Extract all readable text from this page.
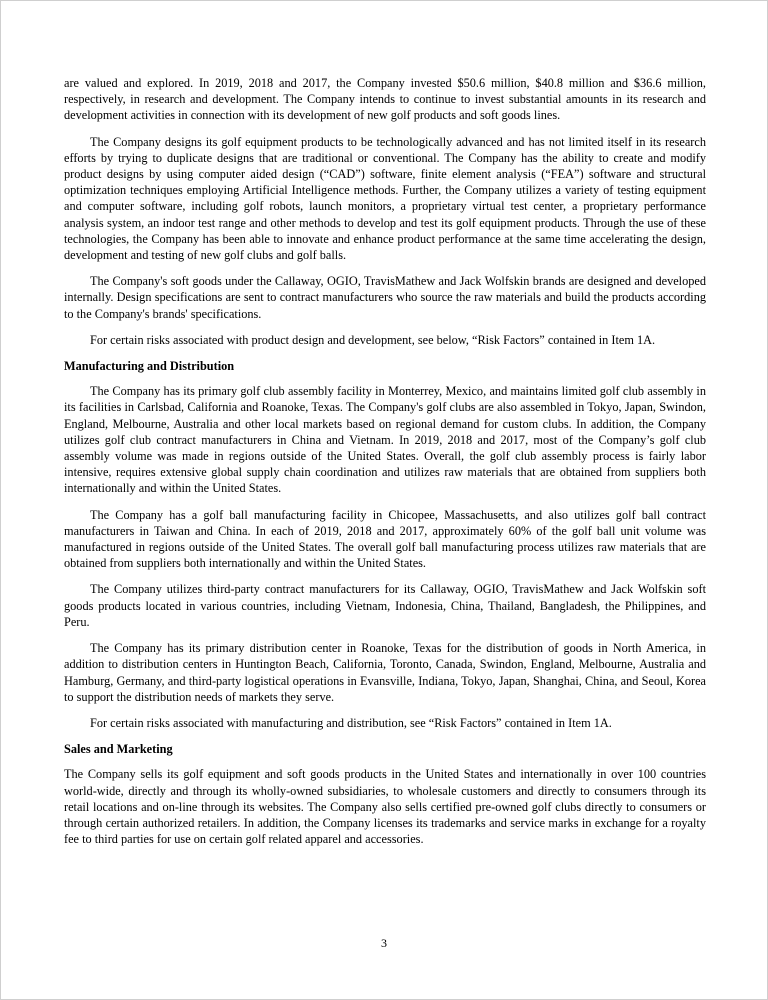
are valued and explored. In 2019, 2018 and 2017, the Company invested $50.6 million, $40.8 million and $36.6 million, respectively, in research and development. The Company intends to continue to invest substantial amounts in its research and development activities in connection with its development of new golf products and soft goods lines.

The Company designs its golf equipment products to be technologically advanced and has not limited itself in its research efforts by trying to duplicate designs that are traditional or conventional. The Company has the ability to create and modify product designs by using computer aided design (“CAD”) software, finite element analysis (“FEA”) software and structural optimization techniques employing Artificial Intelligence methods. Further, the Company utilizes a variety of testing equipment and computer software, including golf robots, launch monitors, a proprietary virtual test center, a proprietary performance analysis system, an indoor test range and other methods to develop and test its golf equipment products. Through the use of these technologies, the Company has been able to innovate and enhance product performance at the same time accelerating the design, development and testing of new golf clubs and golf balls.

The Company's soft goods under the Callaway, OGIO, TravisMathew and Jack Wolfskin brands are designed and developed internally. Design specifications are sent to contract manufacturers who source the raw materials and build the products according to the Company's brands' specifications.

For certain risks associated with product design and development, see below, “Risk Factors” contained in Item 1A.

Manufacturing and Distribution

The Company has its primary golf club assembly facility in Monterrey, Mexico, and maintains limited golf club assembly in its facilities in Carlsbad, California and Roanoke, Texas. The Company's golf clubs are also assembled in Tokyo, Japan, Swindon, England, Melbourne, Australia and other local markets based on regional demand for custom clubs. In addition, the Company utilizes golf club contract manufacturers in China and Vietnam. In 2019, 2018 and 2017, most of the Company’s golf club assembly volume was made in regions outside of the United States. Overall, the golf club assembly process is fairly labor intensive, requires extensive global supply chain coordination and utilizes raw materials that are obtained from suppliers both internationally and within the United States.

The Company has a golf ball manufacturing facility in Chicopee, Massachusetts, and also utilizes golf ball contract manufacturers in Taiwan and China. In each of 2019, 2018 and 2017, approximately 60% of the golf ball unit volume was manufactured in regions outside of the United States. The overall golf ball manufacturing process utilizes raw materials that are obtained from suppliers both internationally and within the United States.

The Company utilizes third-party contract manufacturers for its Callaway, OGIO, TravisMathew and Jack Wolfskin soft goods products located in various countries, including Vietnam, Indonesia, China, Thailand, Bangladesh, the Philippines, and Peru.

The Company has its primary distribution center in Roanoke, Texas for the distribution of goods in North America, in addition to distribution centers in Huntington Beach, California, Toronto, Canada, Swindon, England, Melbourne, Australia and Hamburg, Germany, and third-party logistical operations in Evansville, Indiana, Tokyo, Japan, Shanghai, China, and Seoul, Korea to support the distribution needs of markets they serve.

For certain risks associated with manufacturing and distribution, see “Risk Factors” contained in Item 1A.

Sales and Marketing

The Company sells its golf equipment and soft goods products in the United States and internationally in over 100 countries world-wide, directly and through its wholly-owned subsidiaries, to wholesale customers and directly to consumers through its retail locations and on-line through its websites. The Company also sells certified pre-owned golf clubs directly to consumers or through certain authorized retailers. In addition, the Company licenses its trademarks and service marks in exchange for a royalty fee to third parties for use on certain golf related apparel and accessories.

3
